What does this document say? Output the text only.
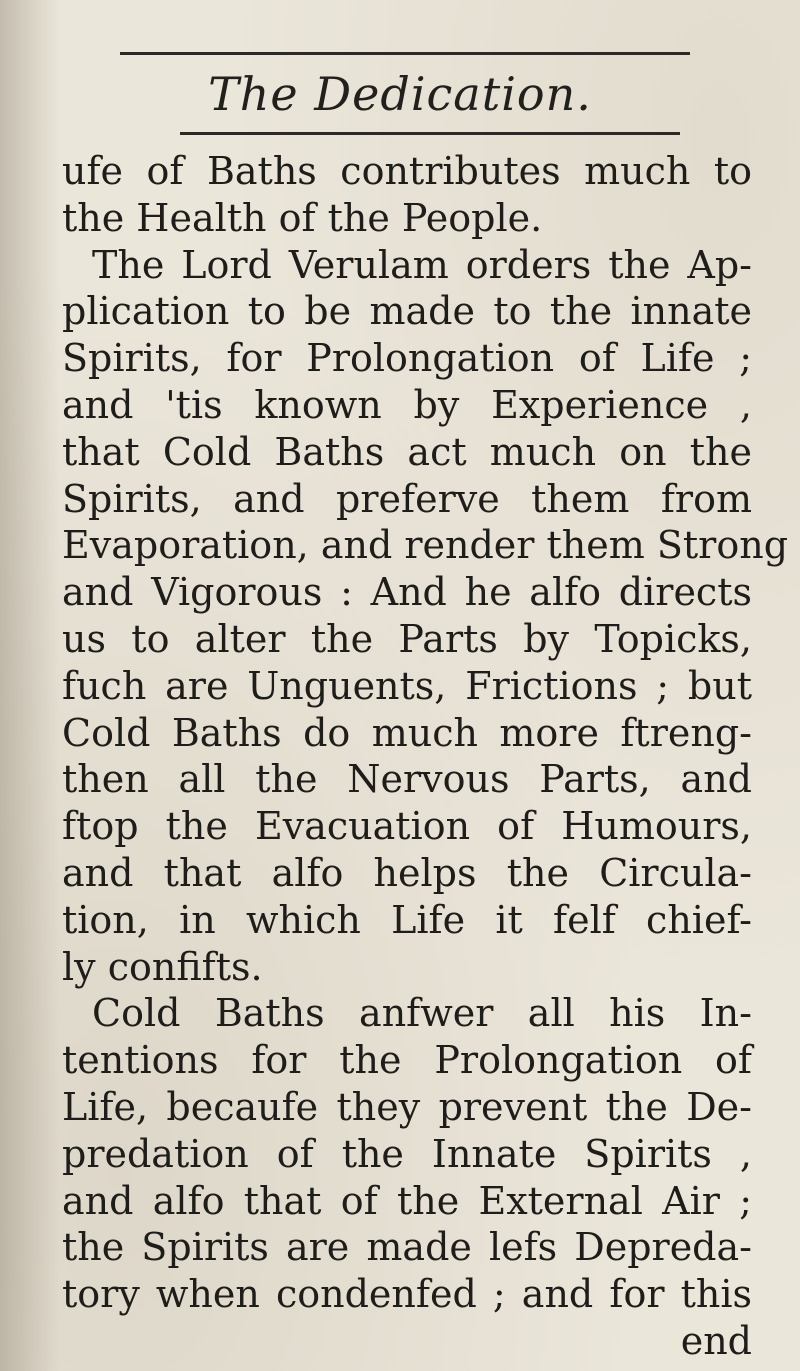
The Dedication.
ufe of Baths contributes much to
the Health of the People.
The Lord Verulam orders the Ap-
plication to be made to the innate
Spirits, for Prolongation of Life ;
and 'tis known by Experience ,
that Cold Baths act much on the
Spirits, and preferve them from
Evaporation, and render them Strong
and Vigorous : And he alfo directs
us to alter the Parts by Topicks,
fuch are Unguents, Frictions ; but
Cold Baths do much more ftreng-
then all the Nervous Parts, and
ftop the Evacuation of Humours,
and that alfo helps the Circula-
tion, in which Life it felf chief-
ly confifts.
Cold Baths anfwer all his In-
tentions for the Prolongation of
Life, becaufe they prevent the De-
predation of the Innate Spirits ,
and alfo that of the External Air ;
the Spirits are made lefs Depreda-
tory when condenfed ; and for this
end
